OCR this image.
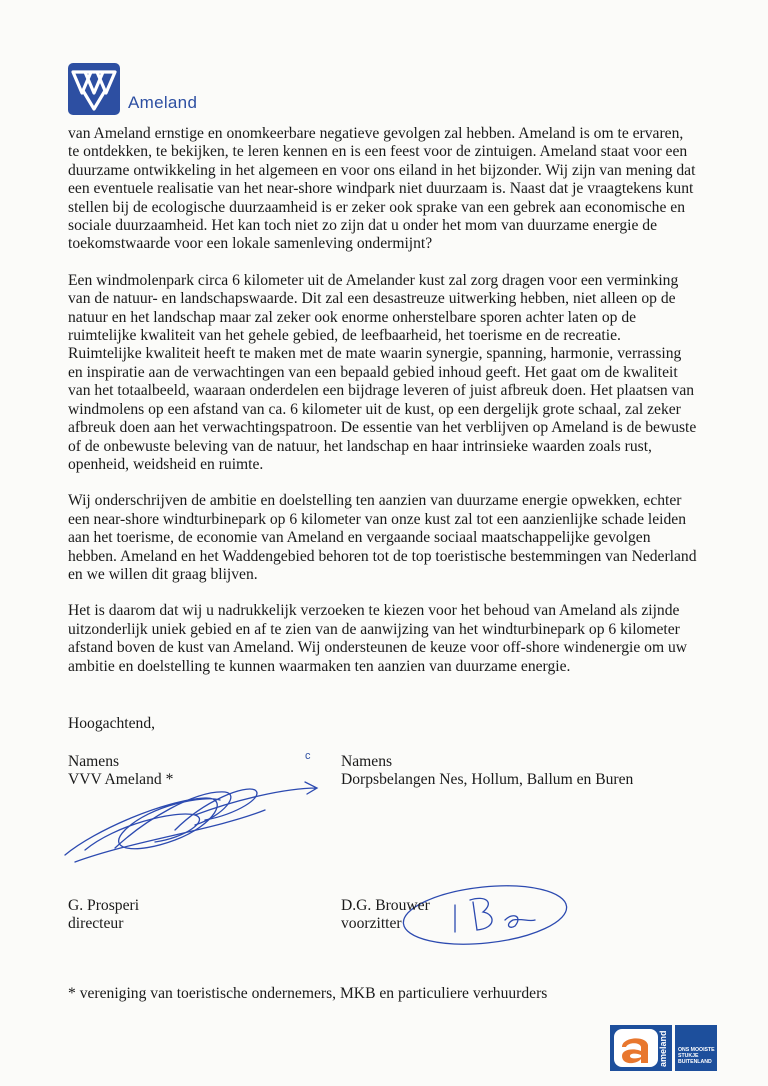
Ameland

van Ameland ernstige en onomkeerbare negatieve gevolgen zal hebben. Ameland is om te ervaren, te ontdekken, te bekijken, te leren kennen en is een feest voor de zintuigen. Ameland staat voor een duurzame ontwikkeling in het algemeen en voor ons eiland in het bijzonder. Wij zijn van mening dat een eventuele realisatie van het near-shore windpark niet duurzaam is. Naast dat je vraagtekens kunt stellen bij de ecologische duurzaamheid is er zeker ook sprake van een gebrek aan economische en sociale duurzaamheid. Het kan toch niet zo zijn dat u onder het mom van duurzame energie de toekomstwaarde voor een lokale samenleving ondermijnt?

Een windmolenpark circa 6 kilometer uit de Amelander kust zal zorg dragen voor een verminking van de natuur- en landschapswaarde. Dit zal een desastreuze uitwerking hebben, niet alleen op de natuur en het landschap maar zal zeker ook enorme onherstelbare sporen achter laten op de ruimtelijke kwaliteit van het gehele gebied, de leefbaarheid, het toerisme en de recreatie. Ruimtelijke kwaliteit heeft te maken met de mate waarin synergie, spanning, harmonie, verrassing en inspiratie aan de verwachtingen van een bepaald gebied inhoud geeft. Het gaat om de kwaliteit van het totaalbeeld, waaraan onderdelen een bijdrage leveren of juist afbreuk doen. Het plaatsen van windmolens op een afstand van ca. 6 kilometer uit de kust, op een dergelijk grote schaal, zal zeker afbreuk doen aan het verwachtingspatroon. De essentie van het verblijven op Ameland is de bewuste of de onbewuste beleving van de natuur, het landschap en haar intrinsieke waarden zoals rust, openheid, weidsheid en ruimte.

Wij onderschrijven de ambitie en doelstelling ten aanzien van duurzame energie opwekken, echter een near-shore windturbinepark op 6 kilometer van onze kust zal tot een aanzienlijke schade leiden aan het toerisme, de economie van Ameland en vergaande sociaal maatschappelijke gevolgen hebben. Ameland en het Waddengebied behoren tot de top toeristische bestemmingen van Nederland en we willen dit graag blijven.

Het is daarom dat wij u nadrukkelijk verzoeken te kiezen voor het behoud van Ameland als zijnde uitzonderlijk uniek gebied en af te zien van de aanwijzing van het windturbinepark op 6 kilometer afstand boven de kust van Ameland. Wij ondersteunen de keuze voor off-shore windenergie om uw ambitie en doelstelling te kunnen waarmaken ten aanzien van duurzame energie.

Hoogachtend,
Namens
VVV Ameland *
Namens
Dorpsbelangen Nes, Hollum, Ballum en Buren
c
G. Prosperi
directeur
D.G. Brouwer
voorzitter
* vereniging van toeristische ondernemers, MKB en particuliere verhuurders
ameland ONS MOOISTE
STUKJE
BUITENLAND
